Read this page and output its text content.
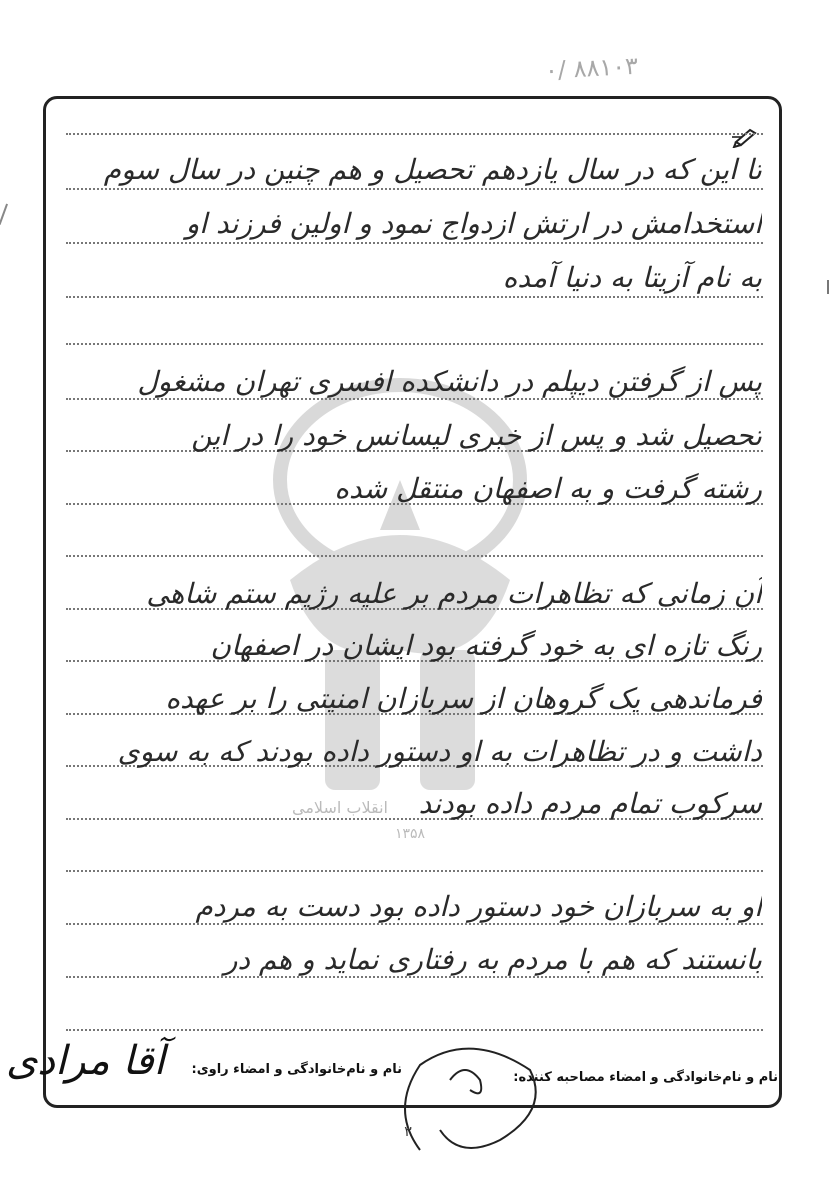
۸۸۱۰۳ /۰
انقلاب اسلامی
۱۳۵۸
تا این که در سال یازدهم تحصیل و هم چنین در سال سوم
استخدامش در ارتش ازدواج نمود و اولین فرزند او
به نام آزیتا به دنیا آمده
پس از گرفتن دیپلم در دانشکده افسری تهران مشغول
تحصیل شد و پس از خبری لیسانس خود را در این
رشته گرفت و به اصفهان منتقل شده
آن زمانی که تظاهرات مردم بر علیه رژیم ستم شاهی
رنگ تازه ای به خود گرفته بود ایشان در اصفهان
فرماندهی یک گروهان از سربازان امنیتی را بر عهده
داشت و در تظاهرات به او دستور داده بودند که به سوی
سرکوب تمام مردم داده بودند
او به سربازان خود دستور داده بود دست به مردم
بانستند که هم با مردم به رفتاری نماید و هم در
نام و نام‌خانوادگی و امضاء راوی:
نام و نام‌خانوادگی و امضاء مصاحبه کننده:
آقا مرادی
۳
